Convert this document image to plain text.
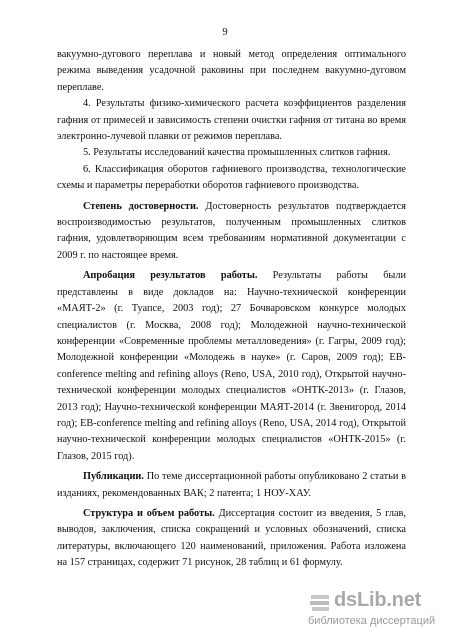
9

вакуумно-дугового переплава и новый метод определения оптимального режима выведения усадочной раковины при последнем вакуумно-дуговом переплаве.

4. Результаты физико-химического расчета коэффициентов разделения гафния от примесей и зависимость степени очистки гафния от титана во время электронно-лучевой плавки от режимов переплава.

5. Результаты исследований качества промышленных слитков гафния.

6. Классификация оборотов гафниевого производства, технологические схемы и параметры переработки оборотов гафниевого производства.

Степень достоверности. Достоверность результатов подтверждается воспроизводимостью результатов, полученным промышленных слитков гафния, удовлетворяющим всем требованиям нормативной документации с 2009 г. по настоящее время.

Апробация результатов работы. Результаты работы были представлены в виде докладов на: Научно-технической конференции «МАЯТ-2» (г. Туапсе, 2003 год); 27 Бочваровском конкурсе молодых специалистов (г. Москва, 2008 год); Молодежной научно-технической конференции «Современные проблемы металловедения» (г. Гагры, 2009 год); Молодежной конференции «Молодежь в науке» (г. Саров, 2009 год); EB-conference melting and refining alloys (Reno, USA, 2010 год), Открытой научно-технической конференции молодых специалистов «ОНТК-2013» (г. Глазов, 2013 год); Научно-технической конференции МАЯТ-2014 (г. Звенигород, 2014 год); EB-conference melting and refining alloys (Reno, USA, 2014 год), Открытой научно-технической конференции молодых специалистов «ОНТК-2015» (г. Глазов, 2015 год).

Публикации. По теме диссертационной работы опубликовано 2 статьи в изданиях, рекомендованных ВАК; 2 патента; 1 НОУ-ХАУ.

Структура и объем работы. Диссертация состоит из введения, 5 глав, выводов, заключения, списка сокращений и условных обозначений, списка литературы, включающего 120 наименований, приложения. Работа изложена на 157 страницах, содержит 71 рисунок, 28 таблиц и 61 формулу.

dsLib.net
библиотека диссертаций
